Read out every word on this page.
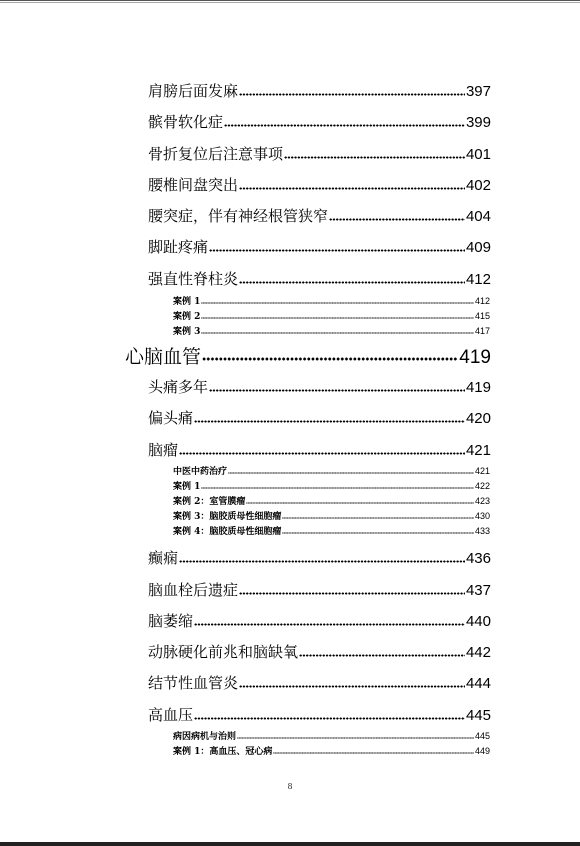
肩膀后面发麻	397
髌骨软化症	399
骨折复位后注意事项	401
腰椎间盘突出	402
腰突症，伴有神经根管狭窄	404
脚趾疼痛	409
强直性脊柱炎	412
案例 1	412
案例 2	415
案例 3	417
心脑血管	419
头痛多年	419
偏头痛	420
脑瘤	421
中医中药治疗	421
案例 1	422
案例 2：室管膜瘤	423
案例 3：脑胶质母性细胞瘤	430
案例 4：脑胶质母性细胞瘤	433
癫痫	436
脑血栓后遗症	437
脑萎缩	440
动脉硬化前兆和脑缺氧	442
结节性血管炎	444
高血压	445
病因病机与治则	445
案例 1：高血压、冠心病	449
8
